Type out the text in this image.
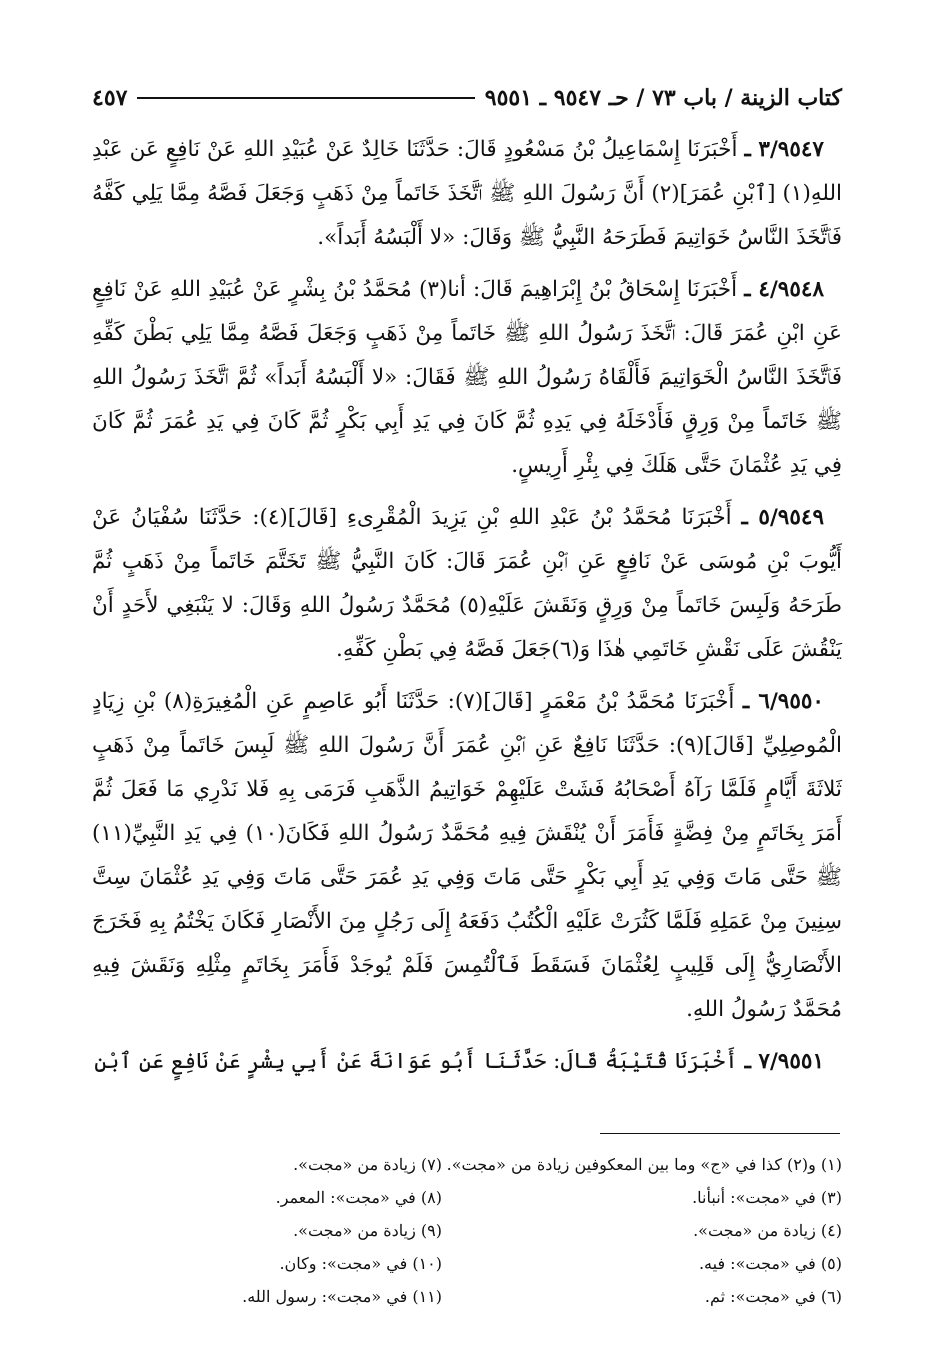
كتاب الزينة / باب ٧٣ / حـ ٩٥٤٧ ـ ٩٥٥١
٤٥٧

٣/٩٥٤٧ ـ أَخْبَرَنَا إِسْمَاعِيلُ بْنُ مَسْعُودٍ قَالَ: حَدَّثَنَا خَالِدٌ عَنْ عُبَيْدِ اللهِ عَنْ نَافِعٍ عَن عَبْدِ اللهِ(١) [ٱبْنِ عُمَرَ](٢) أَنَّ رَسُولَ اللهِ ﷺ ٱتَّخَذَ خَاتَماً مِنْ ذَهَبٍ وَجَعَلَ فَصَّهُ مِمَّا يَلِي كَفَّهُ فَٱتَّخَذَ النَّاسُ خَوَاتِيمَ فَطَرَحَهُ النَّبِيُّ ﷺ وَقَالَ: «لا أَلْبَسُهُ أَبَداً».

٤/٩٥٤٨ ـ أَخْبَرَنَا إِسْحَاقُ بْنُ إِبْرَاهِيمَ قَالَ: أنا(٣) مُحَمَّدُ بْنُ بِشْرٍ عَنْ عُبَيْدِ اللهِ عَنْ نَافِعٍ عَنِ ابْنِ عُمَرَ قَالَ: ٱتَّخَذَ رَسُولُ اللهِ ﷺ خَاتَماً مِنْ ذَهَبٍ وَجَعَلَ فَصَّهُ مِمَّا يَلِي بَطْنَ كَفِّهِ فَٱتَّخَذَ النَّاسُ الْخَوَاتِيمَ فَأَلْقَاهُ رَسُولُ اللهِ ﷺ فَقَالَ: «لا أَلْبَسُهُ أَبَداً» ثُمَّ ٱتَّخَذَ رَسُولُ اللهِ ﷺ خَاتَماً مِنْ وَرِقٍ فَأَدْخَلَهُ فِي يَدِهِ ثُمَّ كَانَ فِي يَدِ أَبِي بَكْرٍ ثُمَّ كَانَ فِي يَدِ عُمَرَ ثُمَّ كَانَ فِي يَدِ عُثْمَانَ حَتَّى هَلَكَ فِي بِئْرِ أَرِيسٍ.

٥/٩٥٤٩ ـ أَخْبَرَنَا مُحَمَّدُ بْنُ عَبْدِ اللهِ بْنِ يَزِيدَ الْمُقْرِىءِ [قَالَ](٤): حَدَّثَنَا سُفْيَانُ عَنْ أَيُّوبَ بْنِ مُوسَى عَنْ نَافِعٍ عَنِ ٱبْنِ عُمَرَ قَالَ: كَانَ النَّبِيُّ ﷺ تَخَتَّمَ خَاتَماً مِنْ ذَهَبٍ ثُمَّ طَرَحَهُ وَلَبِسَ خَاتَماً مِنْ وَرِقٍ وَنَقَشَ عَلَيْهِ(٥) مُحَمَّدٌ رَسُولُ اللهِ وَقَالَ: لا يَنْبَغِي لأَحَدٍ أَنْ يَنْقُشَ عَلَى نَقْشِ خَاتَمِي هٰذَا وَ(٦)جَعَلَ فَصَّهُ فِي بَطْنِ كَفِّهِ.

٦/٩٥٥٠ ـ أَخْبَرَنَا مُحَمَّدُ بْنُ مَعْمَرٍ [قَالَ](٧): حَدَّثَنَا أَبُو عَاصِمٍ عَنِ الْمُغِيرَةِ(٨) بْنِ زِيَادٍ الْمُوصِلِيِّ [قَالَ](٩): حَدَّثَنَا نَافِعٌ عَنِ ٱبْنِ عُمَرَ أَنَّ رَسُولَ اللهِ ﷺ لَبِسَ خَاتَماً مِنْ ذَهَبٍ ثَلاثَةَ أَيَّامٍ فَلَمَّا رَآهُ أَصْحَابُهُ فَشَتْ عَلَيْهِمْ خَوَاتِيمُ الذَّهَبِ فَرَمَى بِهِ فَلا نَدْرِي مَا فَعَلَ ثُمَّ أَمَرَ بِخَاتَمٍ مِنْ فِضَّةٍ فَأَمَرَ أَنْ يُنْقَشَ فِيهِ مُحَمَّدٌ رَسُولُ اللهِ فَكَانَ(١٠) فِي يَدِ النَّبِيِّ(١١) ﷺ حَتَّى مَاتَ وَفِي يَدِ أَبِي بَكْرٍ حَتَّى مَاتَ وَفِي يَدِ عُمَرَ حَتَّى مَاتَ وَفِي يَدِ عُثْمَانَ سِتَّ سِنِينَ مِنْ عَمَلِهِ فَلَمَّا كَثُرَتْ عَلَيْهِ الْكُتُبُ دَفَعَهُ إِلَى رَجُلٍ مِنَ الأَنْصَارِ فَكَانَ يَخْتُمُ بِهِ فَخَرَجَ الأَنْصَارِيُّ إِلَى قَلِيبٍ لِعُثْمَانَ فَسَقَطَ فَٱلْتُمِسَ فَلَمْ يُوجَدْ فَأَمَرَ بِخَاتَمٍ مِثْلِهِ وَنَقَشَ فِيهِ مُحَمَّدٌ رَسُولُ اللهِ.

٧/٩٥٥١ ـ أَخْبَرَنَا قُتَيْبَةُ قَالَ: حَدَّثَنَا أَبُو عَوَانَةَ عَنْ أَبِي بِشْرٍ عَنْ نَافِعٍ عَنِ ٱبْنِ

(١) و(٢) كذا في «ج» وما بين المعكوفين زيادة من «مجت».
(٣) في «مجت»: أنبأنا.
(٤) زيادة من «مجت».
(٥) في «مجت»: فيه.
(٦) في «مجت»: ثم.
(٧) زيادة من «مجت».
(٨) في «مجت»: المعمر.
(٩) زيادة من «مجت».
(١٠) في «مجت»: وكان.
(١١) في «مجت»: رسول الله.
